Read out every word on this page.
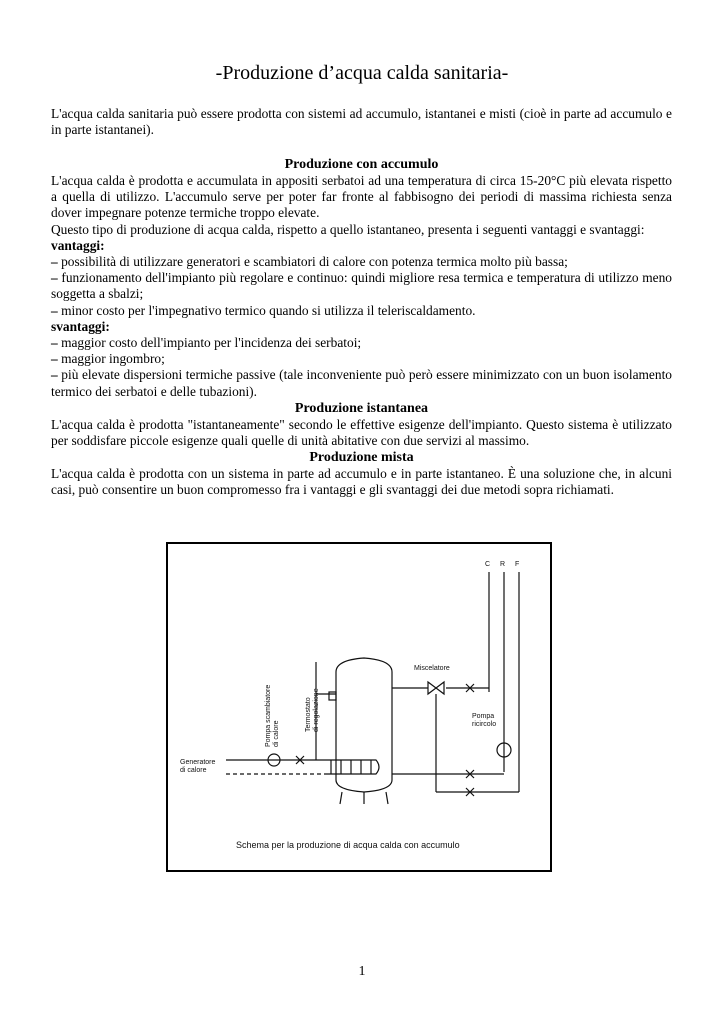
-Produzione d’acqua calda sanitaria-

L'acqua calda sanitaria può essere prodotta con sistemi ad accumulo, istantanei e misti (cioè in parte ad accumulo e in parte istantanei).

Produzione con accumulo

L'acqua calda è prodotta e accumulata in appositi serbatoi ad una temperatura di circa 15-20°C più elevata rispetto a quella di utilizzo. L'accumulo serve per poter far fronte al fabbisogno dei periodi di massima richiesta senza dover impegnare potenze termiche troppo elevate.

Questo tipo di produzione di acqua calda, rispetto a quello istantaneo, presenta i seguenti vantaggi e svantaggi:

vantaggi:

– possibilità di utilizzare generatori e scambiatori di calore con potenza termica molto più bassa;

– funzionamento dell'impianto più regolare e continuo: quindi migliore resa termica e temperatura di utilizzo meno soggetta a sbalzi;

– minor costo per l'impegnativo termico quando si utilizza il teleriscaldamento.

svantaggi:

– maggior costo dell'impianto per l'incidenza dei serbatoi;

– maggior ingombro;

– più elevate dispersioni termiche passive (tale inconveniente può però essere minimizzato con un buon isolamento termico dei serbatoi e delle tubazioni).

Produzione istantanea

L'acqua calda è prodotta "istantaneamente" secondo le effettive esigenze dell'impianto. Questo sistema è utilizzato per soddisfare piccole esigenze quali quelle di unità abitative con due servizi al massimo.

Produzione mista

L'acqua calda è prodotta con un sistema in parte ad accumulo e in parte istantaneo. È una soluzione che, in alcuni casi, può consentire un buon compromesso fra i vantaggi e gli svantaggi dei due metodi sopra richiamati.

C R F
Miscelatore
Pompa
ricircolo
Pompa scambiatore di calore
Termostato di regolazione
Generatore
di calore
Schema per la produzione di acqua calda con accumulo
1
